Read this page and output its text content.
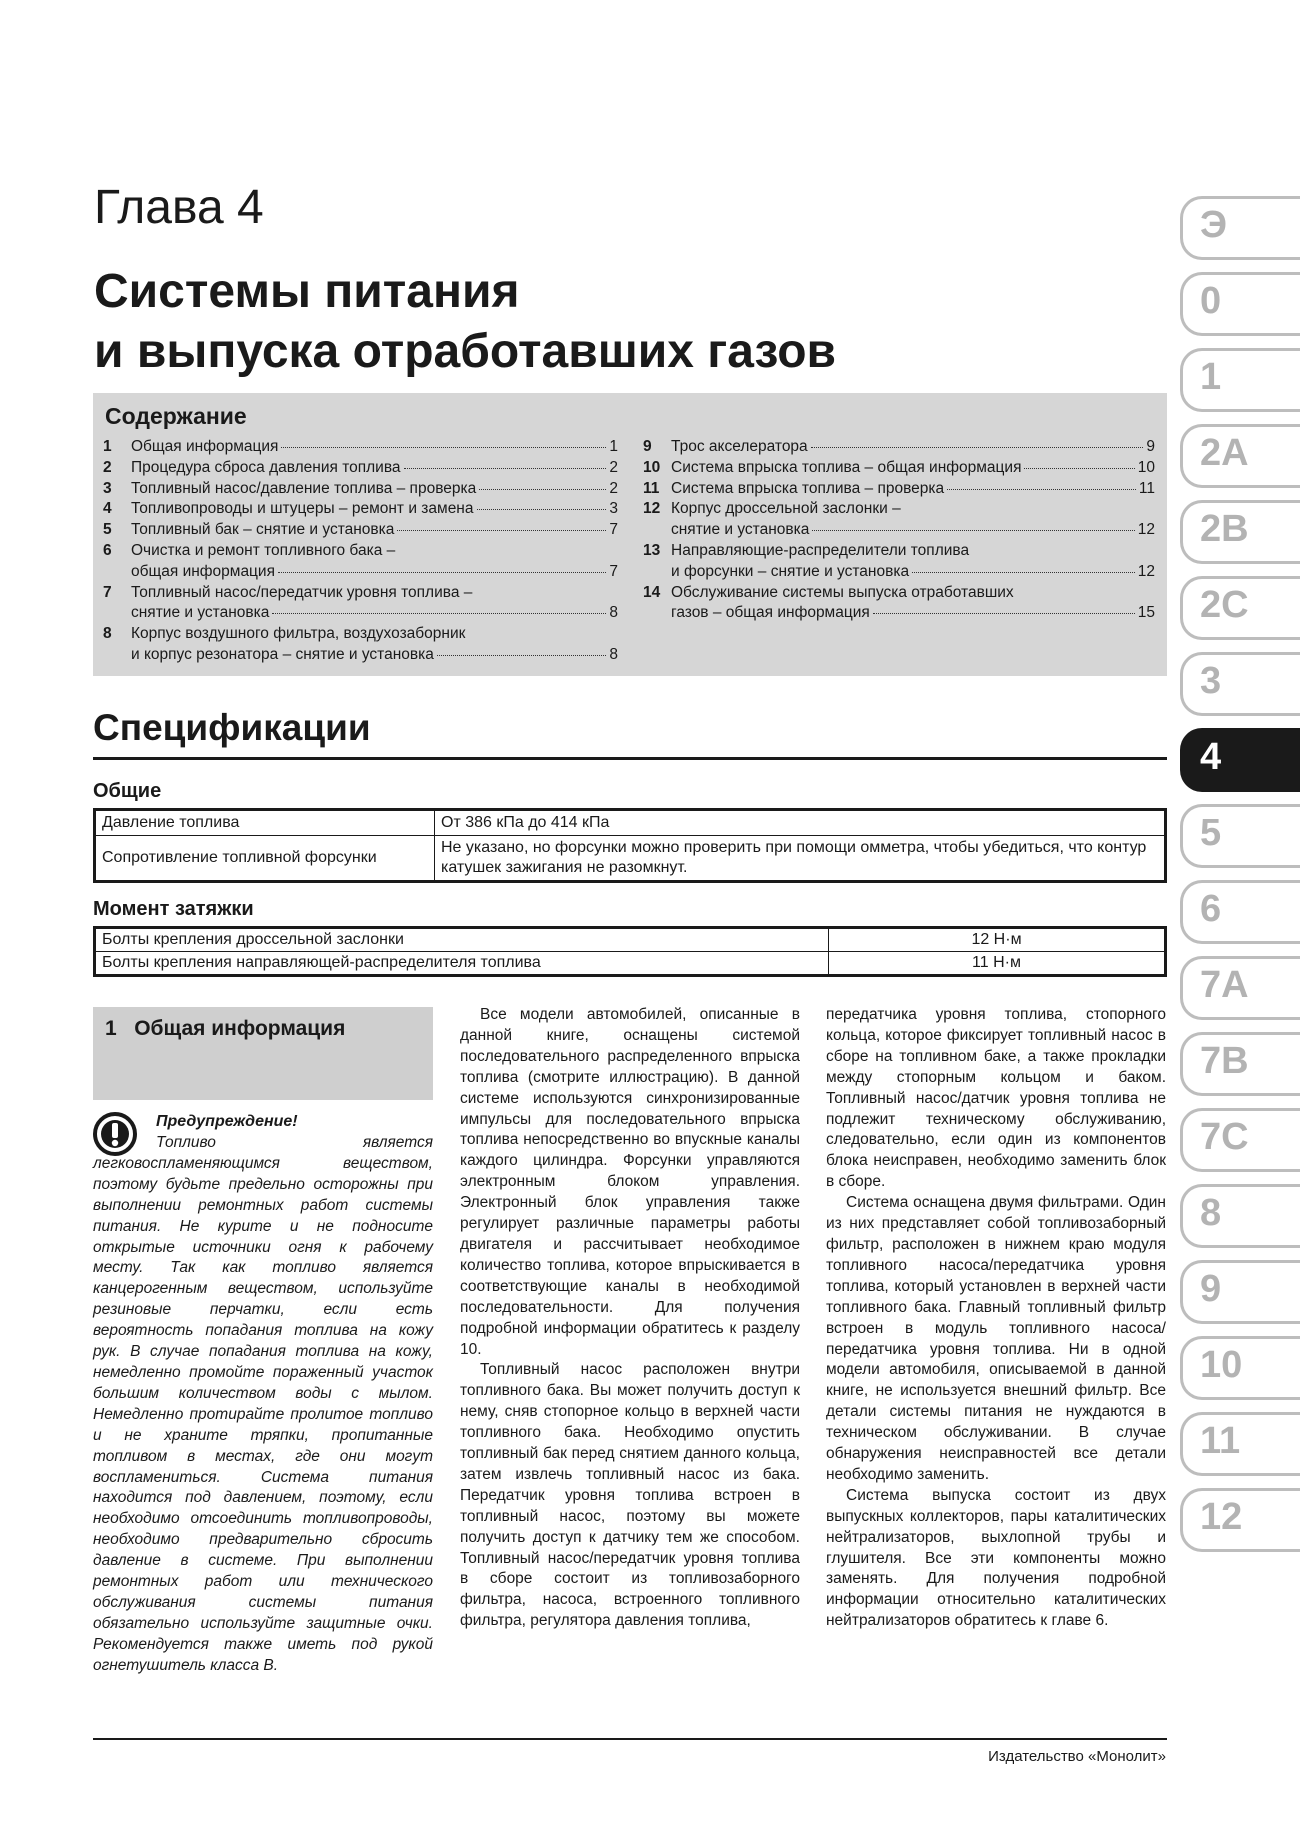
Глава 4
Системы питания
и выпуска отработавших газов
Содержание
1	Общая информация	1
2	Процедура сброса давления топлива	2
3	Топливный насос/давление топлива – проверка	2
4	Топливопроводы и штуцеры – ремонт и замена	3
5	Топливный бак – снятие и установка	7
6	Очистка и ремонт топливного бака –
общая информация	7
7	Топливный насос/передатчик уровня топлива –
снятие и установка	8
8	Корпус воздушного фильтра, воздухозаборник
и корпус резонатора – снятие и установка	8
9	Трос акселератора	9
10 Система впрыска топлива – общая информация	10
11 Система впрыска топлива – проверка	11
12 Корпус дроссельной заслонки –
снятие и установка	12
13 Направляющие-распределители топлива
и форсунки – снятие и установка	12
14 Обслуживание системы выпуска отработавших
газов – общая информация	15
Спецификации
Общие
Давление топлива	От 386 кПа до 414 кПа
Сопротивление топливной форсунки	Не указано, но форсунки можно проверить при помощи омметра, чтобы убедиться, что контур катушек зажигания не разомкнут.
Момент затяжки
Болты крепления дроссельной заслонки	12 Н·м
Болты крепления направляющей-распределителя топлива	11 Н·м
1 Общая информация

Предупреждение!

Топливо является легковоспламеняющимся веществом, поэтому будьте предельно осторожны при выполнении ремонтных работ системы питания. Не курите и не подносите открытые источники огня к рабочему месту. Так как топливо является канцерогенным веществом, используйте резиновые перчатки, если есть вероятность попадания топлива на кожу рук. В случае попадания топлива на кожу, немедленно промойте пораженный участок большим количеством воды с мылом. Немедленно протирайте пролитое топливо и не храните тряпки, пропитанные топливом в местах, где они могут воспламениться. Система питания находится под давлением, поэтому, если необходимо отсоединить топливопроводы, необходимо предварительно сбросить давление в системе. При выполнении ремонтных работ или технического обслуживания системы питания обязательно используйте защитные очки. Рекомендуется также иметь под рукой огнетушитель класса B.

Все модели автомобилей, описанные в данной книге, оснащены системой последовательного распределенного впрыска топлива (смотрите иллюстрацию). В данной системе используются синхронизированные импульсы для последовательного впрыска топлива непосредственно во впускные каналы каждого цилиндра. Форсунки управляются электронным блоком управления. Электронный блок управления также регулирует различные параметры работы двигателя и рассчитывает необходимое количество топлива, которое впрыскивается в соответствующие каналы в необходимой последовательности. Для получения подробной информации обратитесь к разделу 10.

Топливный насос расположен внутри топливного бака. Вы может получить доступ к нему, сняв стопорное кольцо в верхней части топливного бака. Необходимо опустить топливный бак перед снятием данного кольца, затем извлечь топливный насос из бака. Передатчик уровня топлива встроен в топливный насос, поэтому вы можете получить доступ к датчику тем же способом. Топливный насос/передатчик уровня топлива в сборе состоит из топливозаборного фильтра, насоса, встроенного топливного фильтра, регулятора давления топлива,

передатчика уровня топлива, стопорного кольца, которое фиксирует топливный насос в сборе на топливном баке, а также прокладки между стопорным кольцом и баком. Топливный насос/датчик уровня топлива не подлежит техническому обслуживанию, следовательно, если один из компонентов блока неисправен, необходимо заменить блок в сборе.

Система оснащена двумя фильтрами. Один из них представляет собой топливозаборный фильтр, расположен в нижнем краю модуля топливного насоса/передатчика уровня топлива, который установлен в верхней части топливного бака. Главный топливный фильтр встроен в модуль топливного насоса/передатчика уровня топлива. Ни в одной модели автомобиля, описываемой в данной книге, не используется внешний фильтр. Все детали системы питания не нуждаются в техническом обслуживании. В случае обнаружения неисправностей все детали необходимо заменить.

Система выпуска состоит из двух выпускных коллекторов, пары каталитических нейтрализаторов, выхлопной трубы и глушителя. Все эти компоненты можно заменять. Для получения подробной информации относительно каталитических нейтрализаторов обратитесь к главе 6.

Издательство «Монолит»

Э
0
1
2A
2B
2C
3
4
5
6
7A
7B
7C
8
9
10
11
12
